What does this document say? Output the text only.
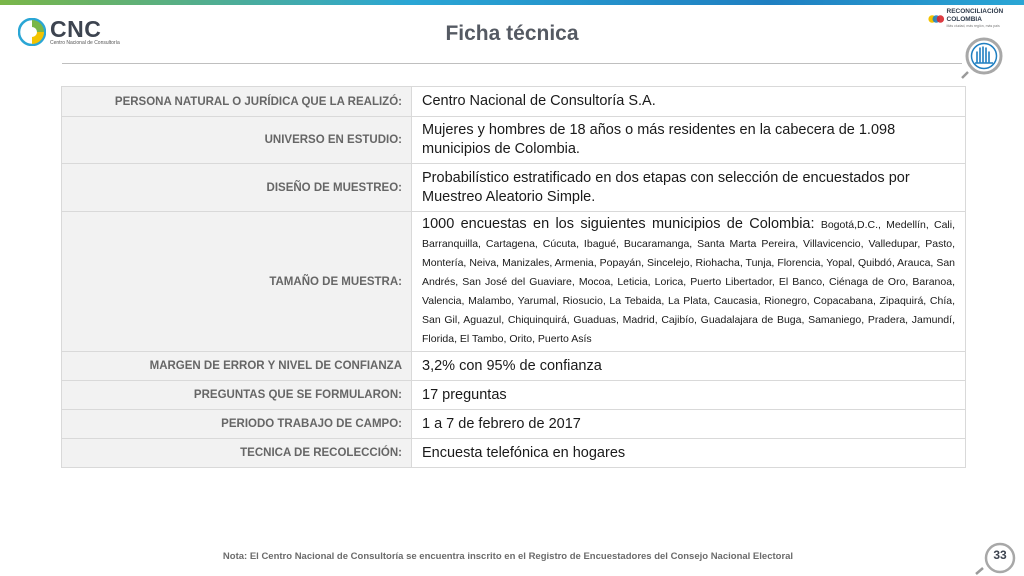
CNC
Centro Nacional de Consultoría	Ficha técnica
RECONCILIACIÓN COLOMBIA
Más ciudad, más región, más país
PERSONA NATURAL O JURÍDICA QUE LA REALIZÓ:	Centro Nacional de Consultoría S.A.
UNIVERSO EN ESTUDIO:	Mujeres y hombres de 18 años o más residentes en la cabecera de 1.098 municipios de Colombia.
DISEÑO DE MUESTREO:	Probabilístico estratificado en dos etapas con selección de encuestados por Muestreo Aleatorio Simple.
TAMAÑO DE MUESTRA:	1000 encuestas en los siguientes municipios de Colombia: Bogotá,D.C., Medellín, Cali, Barranquilla, Cartagena, Cúcuta, Ibagué, Bucaramanga, Santa Marta Pereira, Villavicencio, Valledupar, Pasto, Montería, Neiva, Manizales, Armenia, Popayán, Sincelejo, Riohacha, Tunja, Florencia, Yopal, Quibdó, Arauca, San Andrés, San José del Guaviare, Mocoa, Leticia, Lorica, Puerto Libertador, El Banco, Ciénaga de Oro, Baranoa, Valencia, Malambo, Yarumal, Riosucio, La Tebaida, La Plata, Caucasia, Rionegro, Copacabana, Zipaquirá, Chía, San Gil, Aguazul, Chiquinquirá, Guaduas, Madrid, Cajibío, Guadalajara de Buga, Samaniego, Pradera, Jamundí, Florida, El Tambo, Orito, Puerto Asís
MARGEN DE ERROR Y NIVEL DE CONFIANZA	3,2% con 95% de confianza
PREGUNTAS QUE SE FORMULARON:	17 preguntas
PERIODO TRABAJO DE CAMPO:	1 a 7 de febrero de 2017
TECNICA DE RECOLECCIÓN:	Encuesta telefónica en hogares
Nota: El Centro Nacional de Consultoría se encuentra inscrito en el Registro de Encuestadores del Consejo Nacional Electoral	33
